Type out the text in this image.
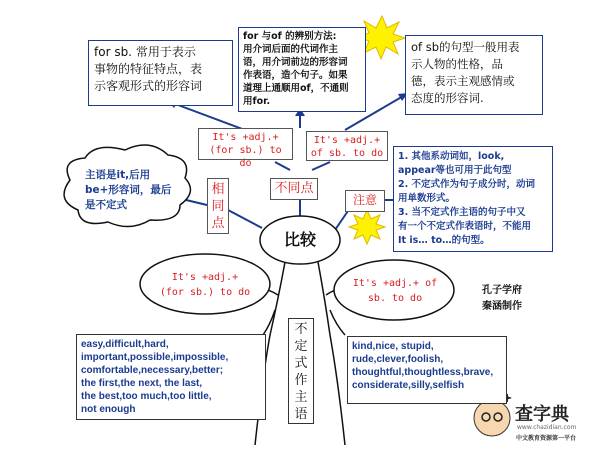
for sb. 常用于表示
事物的特征特点，表
示客观形式的形容词
for 与of 的辨别方法:
用介词后面的代词作主
语，用介词前边的形容词
作表语，造个句子。如果
道理上通顺用of，不通则
用for.
of sb的句型一般用表
示人物的性格，品
德，表示主观感情或
态度的形容词.
It's +adj.+
(for sb.) to do
It's +adj.+
of sb. to do
不同点
相
同
点
注意
主语是it,后用
be+形容词，最后
是不定式
1. 其他系动词如，look,
appear等也可用于此句型
2. 不定式作为句子成分时，动词
用单数形式。
3. 当不定式作主语的句子中又
有一个不定式作表语时，不能用
It is… to…的句型。
比较
It's +adj.+
(for sb.) to do
It's +adj.+ of
sb. to do
不
定
式
作
主
语
孔子学府
秦涵制作
easy,difficult,hard,
important,possible,impossible,
comfortable,necessary,better;
the first,the next, the last,
the best,too much,too little,
not enough
kind,nice, stupid,
rude,clever,foolish,
thoughtful,thoughtless,brave,
considerate,silly,selfish
查字典
www.chazidian.com
中文教育资源第一平台
